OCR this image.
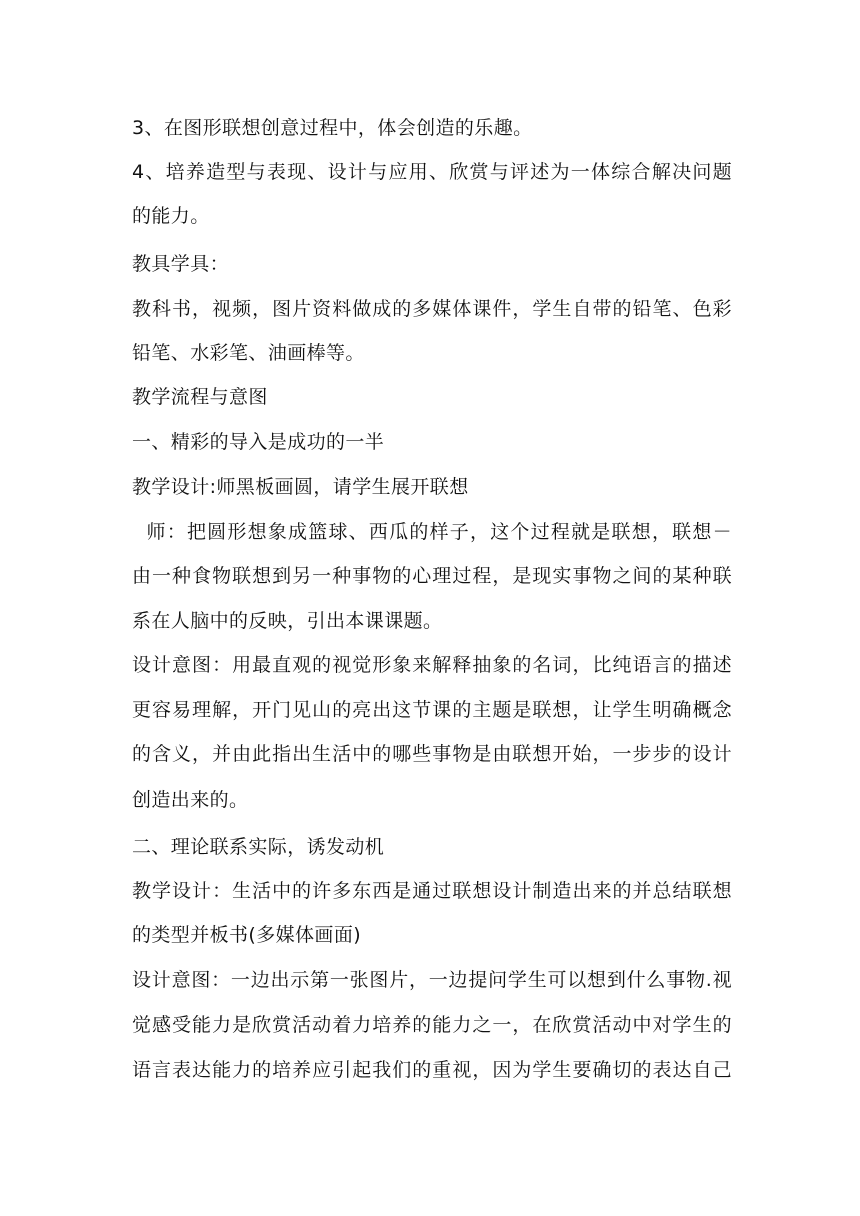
3、在图形联想创意过程中，体会创造的乐趣。
4、培养造型与表现、设计与应用、欣赏与评述为一体综合解决问题
的能力。
教具学具：
教科书，视频，图片资料做成的多媒体课件，学生自带的铅笔、色彩
铅笔、水彩笔、油画棒等。
教学流程与意图
一、精彩的导入是成功的一半
教学设计:师黑板画圆，请学生展开联想
师：把圆形想象成篮球、西瓜的样子，这个过程就是联想，联想－
由一种食物联想到另一种事物的心理过程，是现实事物之间的某种联
系在人脑中的反映，引出本课课题。
设计意图：用最直观的视觉形象来解释抽象的名词，比纯语言的描述
更容易理解，开门见山的亮出这节课的主题是联想，让学生明确概念
的含义，并由此指出生活中的哪些事物是由联想开始，一步步的设计
创造出来的。
二、理论联系实际，诱发动机
教学设计：生活中的许多东西是通过联想设计制造出来的并总结联想
的类型并板书(多媒体画面)
设计意图：一边出示第一张图片，一边提问学生可以想到什么事物.视
觉感受能力是欣赏活动着力培养的能力之一，在欣赏活动中对学生的
语言表达能力的培养应引起我们的重视，因为学生要确切的表达自己
